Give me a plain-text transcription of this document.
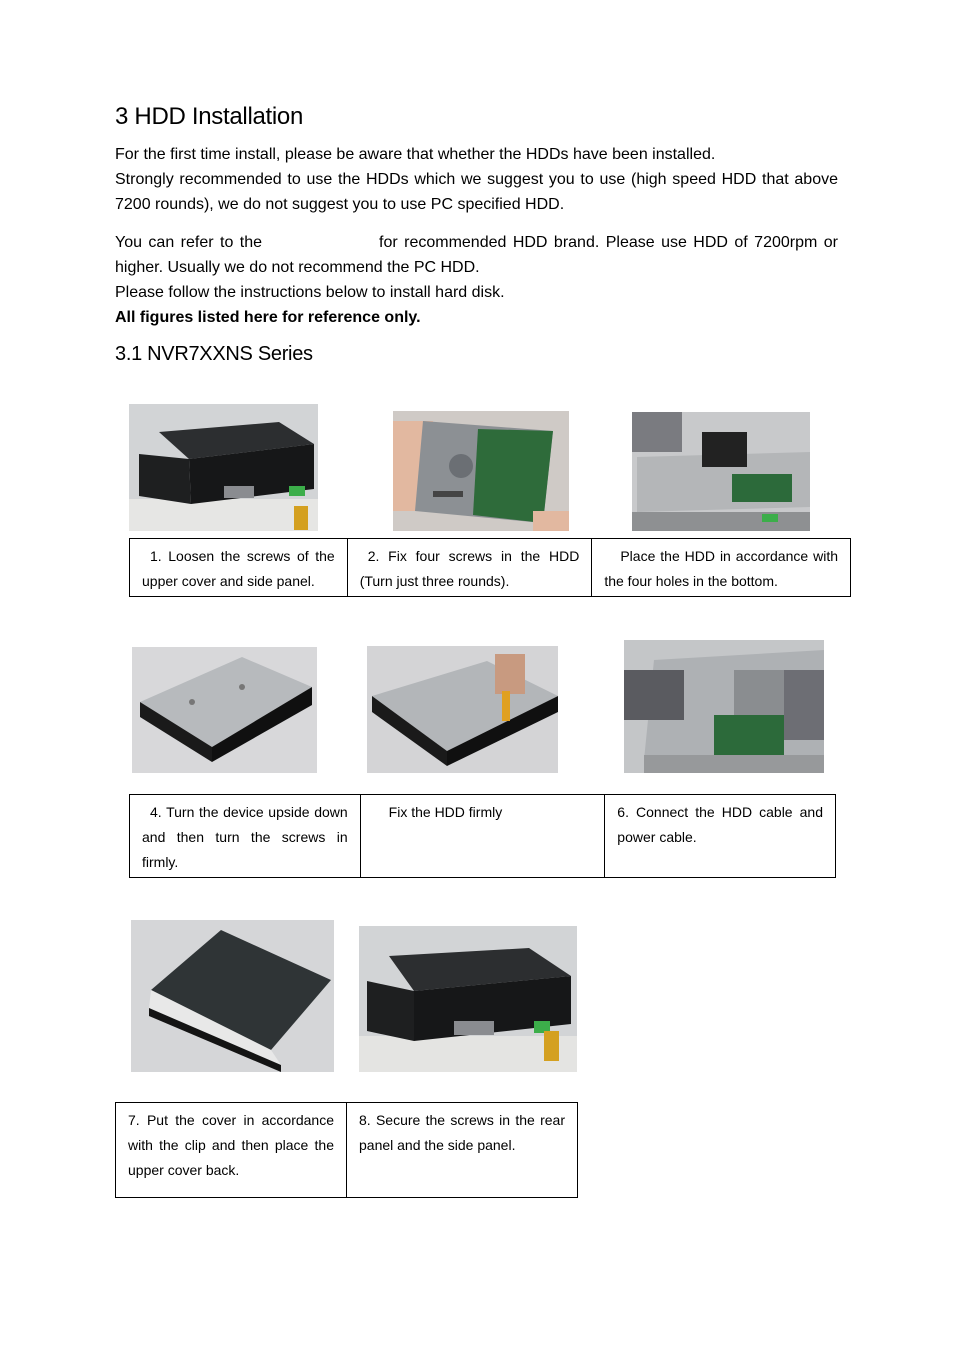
3 HDD Installation

For the first time install, please be aware that whether the HDDs have been installed.

Strongly recommended to use the HDDs which we suggest you to use (high speed HDD that above 7200 rounds), we do not suggest you to use PC specified HDD.

You can refer to the	for recommended HDD brand. Please use HDD of 7200rpm or higher. Usually we do not recommend the PC HDD.

Please follow the instructions below to install hard disk.

All figures listed here for reference only.

3.1 NVR7XXNS Series
1. Loosen the screws of the upper cover and side panel.	2. Fix four screws in the HDD (Turn just three rounds).	Place the HDD in accordance with the four holes in the bottom.
4. Turn the device upside down and then turn the screws in firmly.	Fix the HDD firmly	6. Connect the HDD cable and power cable.
7. Put the cover in accordance with the clip and then place the upper cover back.	8. Secure the screws in the rear panel and the side panel.
